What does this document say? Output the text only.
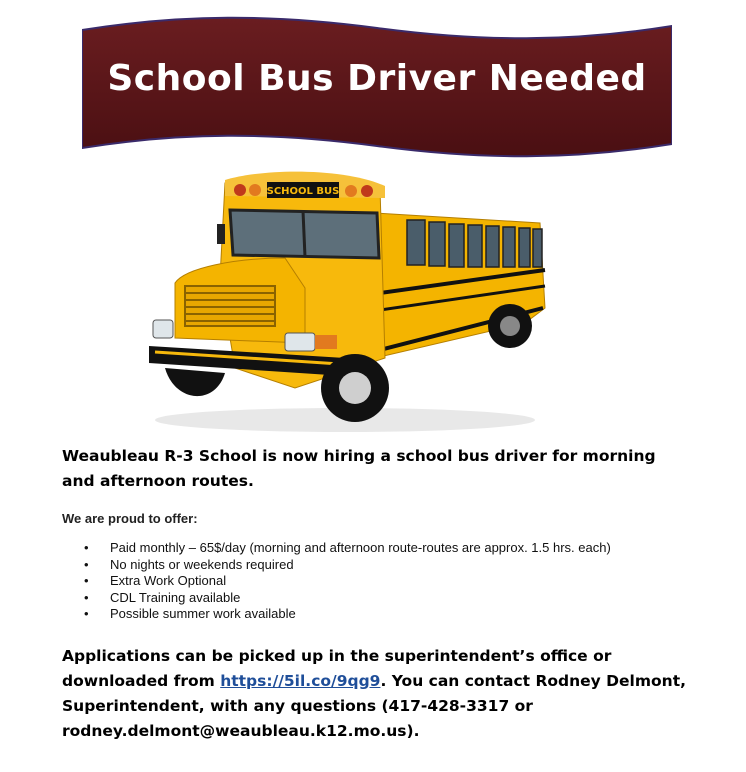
School Bus Driver Needed
SCHOOL BUS
Weaubleau R-3 School is now hiring a school bus driver for morning and afternoon routes.
We are proud to offer:
• Paid monthly – 65$/day (morning and afternoon route-routes are approx. 1.5 hrs. each)
• No nights or weekends required
• Extra Work Optional
• CDL Training available
• Possible summer work available
Applications can be picked up in the superintendent’s office or downloaded from https://5il.co/9qg9. You can contact Rodney Delmont, Superintendent, with any questions (417-428-3317 or rodney.delmont@weaubleau.k12.mo.us).
